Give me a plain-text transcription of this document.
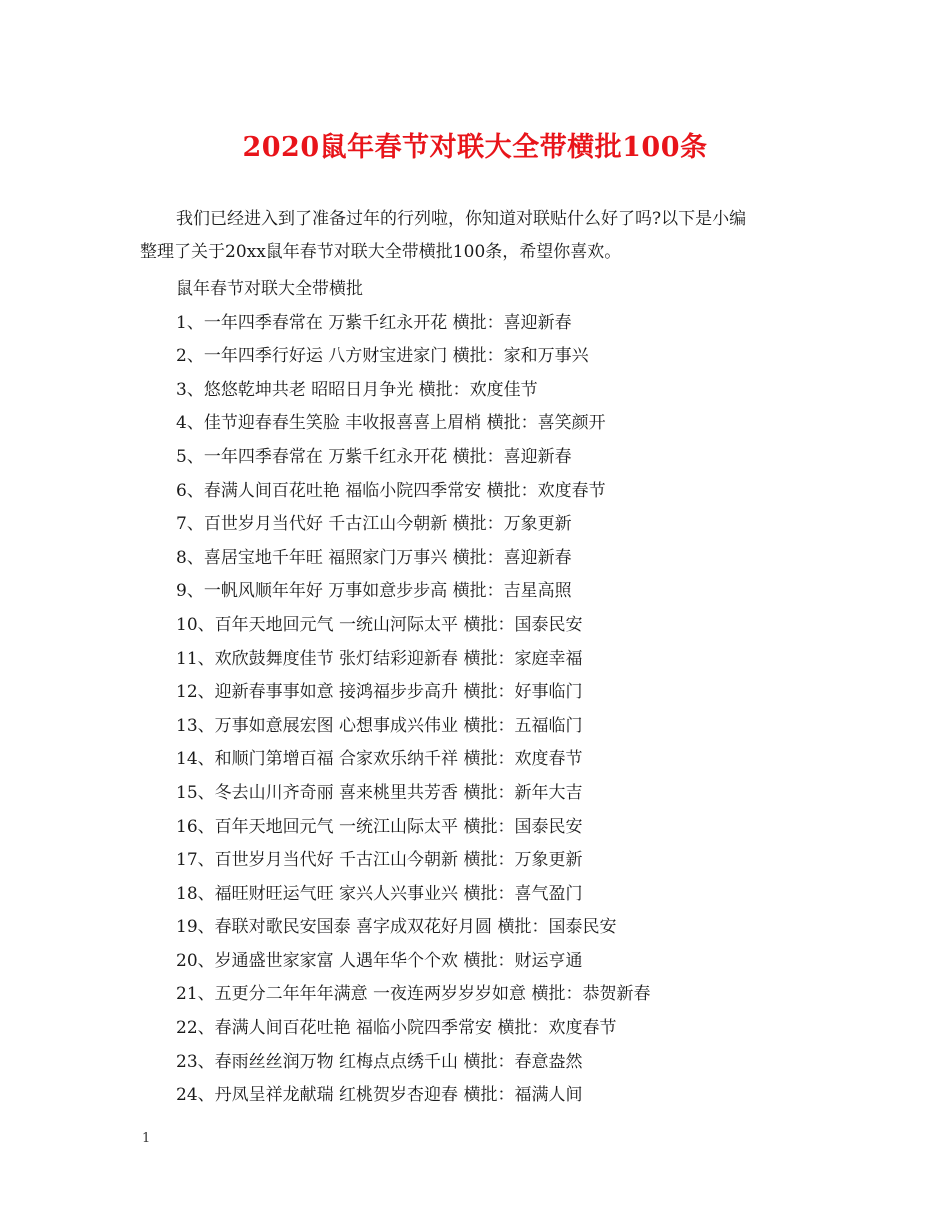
2020鼠年春节对联大全带横批100条

我们已经进入到了准备过年的行列啦，你知道对联贴什么好了吗?以下是小编
整理了关于20xx鼠年春节对联大全带横批100条，希望你喜欢。

鼠年春节对联大全带横批
1、一年四季春常在 万紫千红永开花 横批：喜迎新春
2、一年四季行好运 八方财宝进家门 横批：家和万事兴
3、悠悠乾坤共老 昭昭日月争光 横批：欢度佳节
4、佳节迎春春生笑脸 丰收报喜喜上眉梢 横批：喜笑颜开
5、一年四季春常在 万紫千红永开花 横批：喜迎新春
6、春满人间百花吐艳 福临小院四季常安 横批：欢度春节
7、百世岁月当代好 千古江山今朝新 横批：万象更新
8、喜居宝地千年旺 福照家门万事兴 横批：喜迎新春
9、一帆风顺年年好 万事如意步步高 横批：吉星高照
10、百年天地回元气 一统山河际太平 横批：国泰民安
11、欢欣鼓舞度佳节 张灯结彩迎新春 横批：家庭幸福
12、迎新春事事如意 接鸿福步步高升 横批：好事临门
13、万事如意展宏图 心想事成兴伟业 横批：五福临门
14、和顺门第增百福 合家欢乐纳千祥 横批：欢度春节
15、冬去山川齐奇丽 喜来桃里共芳香 横批：新年大吉
16、百年天地回元气 一统江山际太平 横批：国泰民安
17、百世岁月当代好 千古江山今朝新 横批：万象更新
18、福旺财旺运气旺 家兴人兴事业兴 横批：喜气盈门
19、春联对歌民安国泰 喜字成双花好月圆 横批：国泰民安
20、岁通盛世家家富 人遇年华个个欢 横批：财运亨通
21、五更分二年年年满意 一夜连两岁岁岁如意 横批：恭贺新春
22、春满人间百花吐艳 福临小院四季常安 横批：欢度春节
23、春雨丝丝润万物 红梅点点绣千山 横批：春意盎然
24、丹凤呈祥龙献瑞 红桃贺岁杏迎春 横批：福满人间
1
